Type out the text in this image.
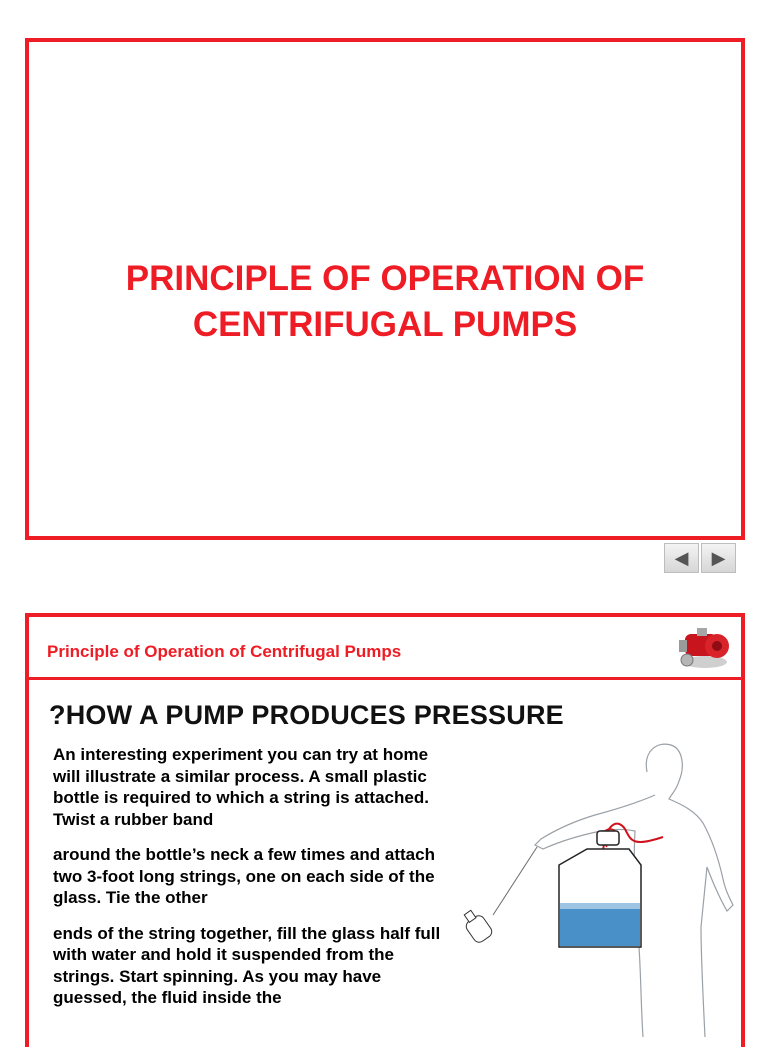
PRINCIPLE OF OPERATION OF
CENTRIFUGAL PUMPS
◀ ▶
Principle of Operation of Centrifugal Pumps
?HOW A PUMP PRODUCES PRESSURE

An interesting experiment you can try at home will illustrate a similar process. A small plastic bottle is required to which a string is attached. Twist a rubber band

around the bottle’s neck a few times and attach two 3-foot long strings, one on each side of the glass. Tie the other

ends of the string together, fill the glass half full with water and hold it suspended from the strings. Start spinning. As you may have guessed, the fluid inside the
